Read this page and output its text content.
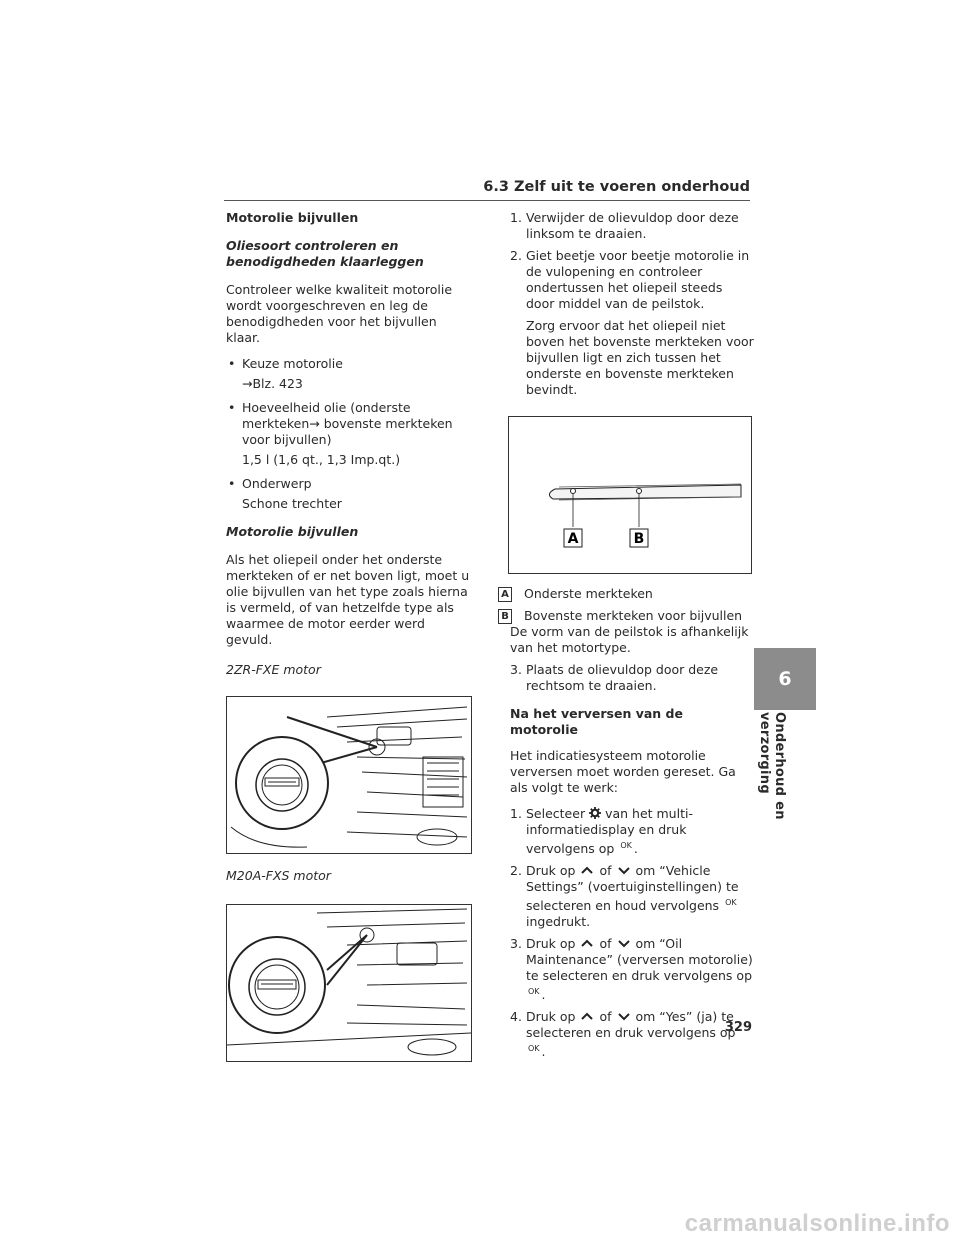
6.3 Zelf uit te voeren onderhoud
Motorolie bijvullen
Oliesoort controleren en benodigdheden klaarleggen
Controleer welke kwaliteit motorolie wordt voorgeschreven en leg de benodigdheden voor het bijvullen klaar.
• Keuze motorolie
→Blz. 423
• Hoeveelheid olie (onderste merkteken→ bovenste merkteken voor bijvullen)
1,5 l (1,6 qt., 1,3 Imp.qt.)
• Onderwerp
Schone trechter
Motorolie bijvullen
Als het oliepeil onder het onderste merkteken of er net boven ligt, moet u olie bijvullen van het type zoals hierna is vermeld, of van hetzelfde type als waarmee de motor eerder werd gevuld.
2ZR-FXE motor
M20A-FXS motor
1. Verwijder de olievuldop door deze linksom te draaien.
2. Giet beetje voor beetje motorolie in de vulopening en controleer ondertussen het oliepeil steeds door middel van de peilstok.
Zorg ervoor dat het oliepeil niet boven het bovenste merkteken voor bijvullen ligt en zich tussen het onderste en bovenste merkteken bevindt.
A	B
A Onderste merkteken
B Bovenste merkteken voor bijvullen
De vorm van de peilstok is afhankelijk van het motortype.
3. Plaats de olievuldop door deze rechtsom te draaien.
Na het verversen van de motorolie
Het indicatiesysteem motorolie verversen moet worden gereset. Ga als volgt te werk:
1. Selecteer van het multi-informatiedisplay en druk vervolgens op $^{OK}$ .
2. Druk op of om “Vehicle Settings” (voertuiginstellingen) te selecteren en houd vervolgens $^{OK}$ ingedrukt.
3. Druk op of om “Oil Maintenance” (verversen motorolie) te selecteren en druk vervolgens op $^{OK}$ .
4. Druk op of om “Yes” (ja) te selecteren en druk vervolgens op $^{OK}$ .
6
Onderhoud en verzorging
329
carmanualsonline.info
